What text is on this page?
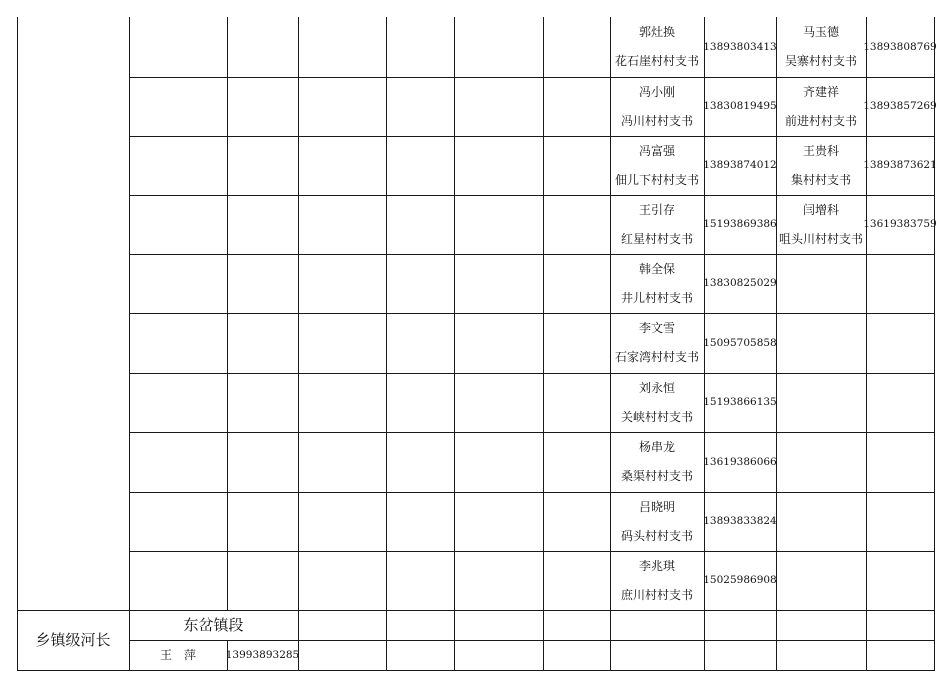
郭灶换
花石崖村村支书
13893803413
马玉德
吴寨村村支书
13893808769
冯小刚
冯川村村支书
13830819495
齐建祥
前进村村支书
13893857269
冯富强
佃儿下村村支书
13893874012
王贵科
集村村支书
13893873621
王引存
红星村村支书
15193869386
闫增科
咀头川村村支书
13619383759
韩全保
井儿村村支书
13830825029
李文雪
石家湾村村支书
15095705858
刘永恒
关峡村村支书
15193866135
杨串龙
桑渠村村支书
13619386066
吕晓明
码头村村支书
13893833824
李兆琪
庶川村村支书
15025986908
乡镇级河长
东岔镇段
王　萍	13993893285
